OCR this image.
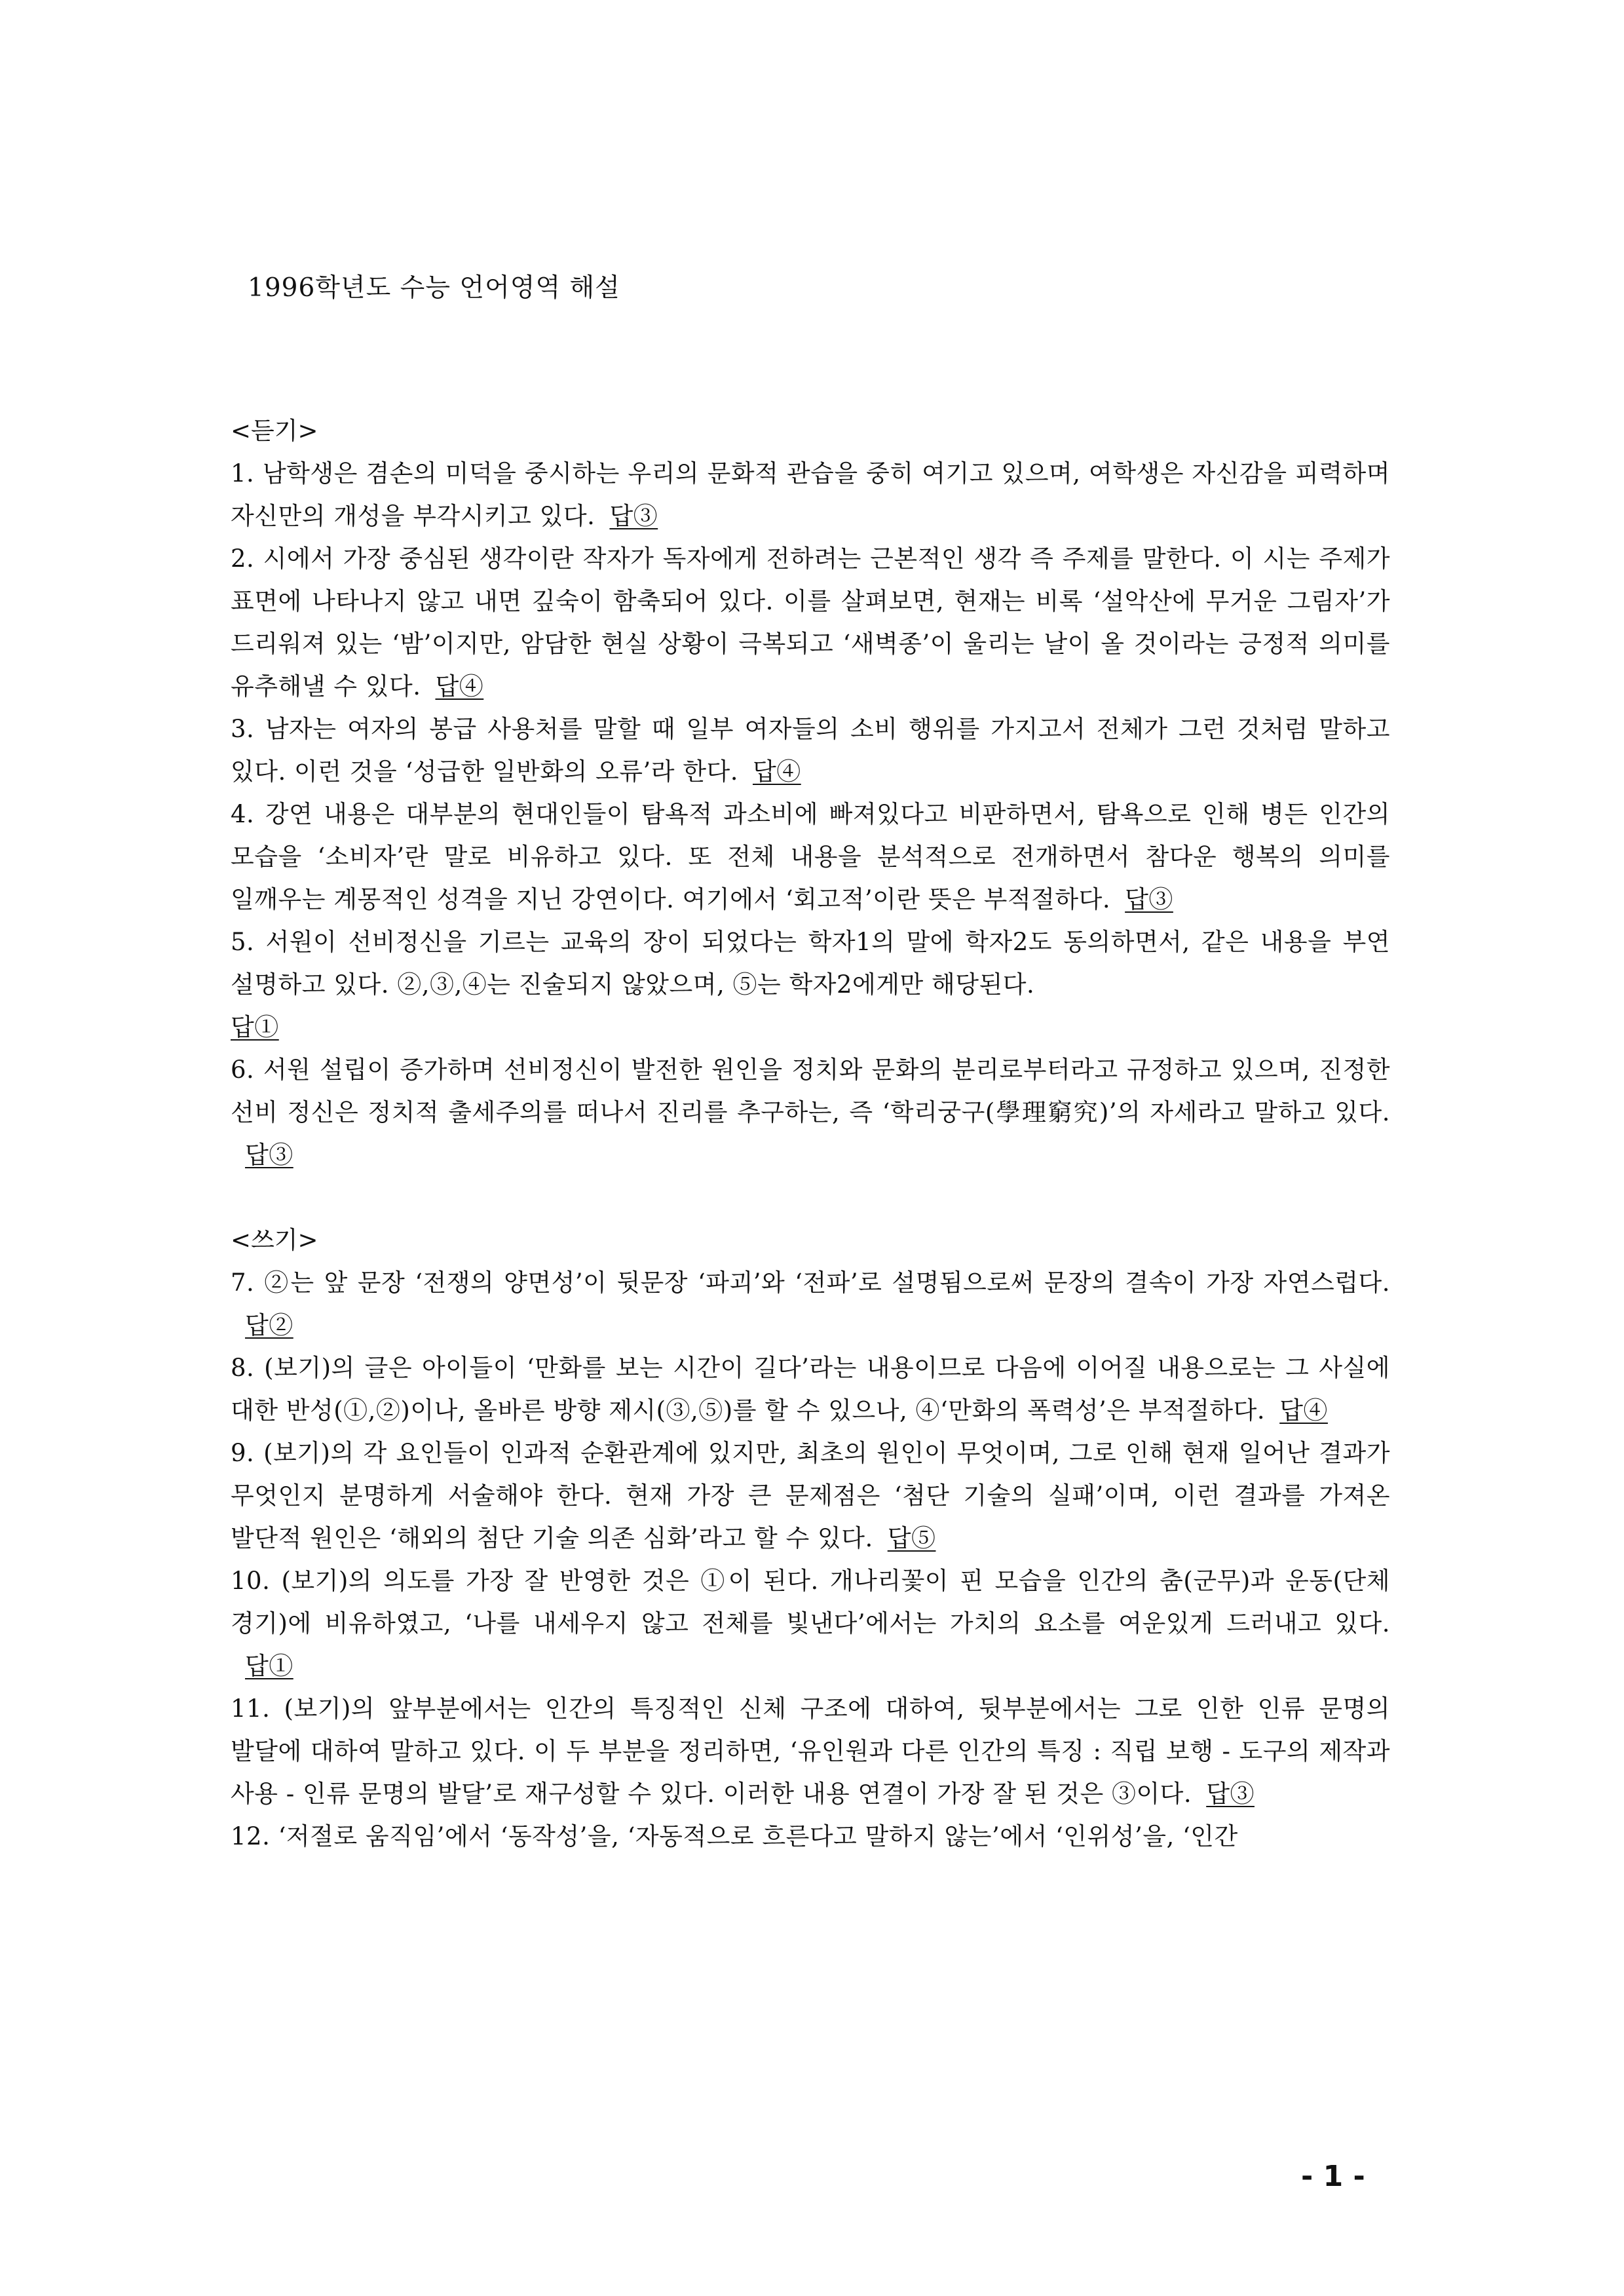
1996학년도 수능 언어영역 해설
<듣기>

1. 남학생은 겸손의 미덕을 중시하는 우리의 문화적 관습을 중히 여기고 있으며, 여학생은 자신감을 피력하며 자신만의 개성을 부각시키고 있다. 답③

2. 시에서 가장 중심된 생각이란 작자가 독자에게 전하려는 근본적인 생각 즉 주제를 말한다. 이 시는 주제가 표면에 나타나지 않고 내면 깊숙이 함축되어 있다. 이를 살펴보면, 현재는 비록 ‘설악산에 무거운 그림자’가 드리워져 있는 ‘밤’이지만, 암담한 현실 상황이 극복되고 ‘새벽종’이 울리는 날이 올 것이라는 긍정적 의미를 유추해낼 수 있다. 답④

3. 남자는 여자의 봉급 사용처를 말할 때 일부 여자들의 소비 행위를 가지고서 전체가 그런 것처럼 말하고 있다. 이런 것을 ‘성급한 일반화의 오류’라 한다. 답④

4. 강연 내용은 대부분의 현대인들이 탐욕적 과소비에 빠져있다고 비판하면서, 탐욕으로 인해 병든 인간의 모습을 ‘소비자’란 말로 비유하고 있다. 또 전체 내용을 분석적으로 전개하면서 참다운 행복의 의미를 일깨우는 계몽적인 성격을 지닌 강연이다. 여기에서 ‘회고적’이란 뜻은 부적절하다. 답③

5. 서원이 선비정신을 기르는 교육의 장이 되었다는 학자1의 말에 학자2도 동의하면서, 같은 내용을 부연 설명하고 있다. ②,③,④는 진술되지 않았으며, ⑤는 학자2에게만 해당된다.
답①

6. 서원 설립이 증가하며 선비정신이 발전한 원인을 정치와 문화의 분리로부터라고 규정하고 있으며, 진정한 선비 정신은 정치적 출세주의를 떠나서 진리를 추구하는, 즉 ‘학리궁구(學理窮究)’의 자세라고 말하고 있다.답③

<쓰기>

7. ②는 앞 문장 ‘전쟁의 양면성’이 뒷문장 ‘파괴’와 ‘전파’로 설명됨으로써 문장의 결속이 가장 자연스럽다.답②

8. (보기)의 글은 아이들이 ‘만화를 보는 시간이 길다’라는 내용이므로 다음에 이어질 내용으로는 그 사실에 대한 반성(①,②)이나, 올바른 방향 제시(③,⑤)를 할 수 있으나, ④‘만화의 폭력성’은 부적절하다. 답④

9. (보기)의 각 요인들이 인과적 순환관계에 있지만, 최초의 원인이 무엇이며, 그로 인해 현재 일어난 결과가 무엇인지 분명하게 서술해야 한다. 현재 가장 큰 문제점은 ‘첨단 기술의 실패’이며, 이런 결과를 가져온 발단적 원인은 ‘해외의 첨단 기술 의존 심화’라고 할 수 있다. 답⑤

10. (보기)의 의도를 가장 잘 반영한 것은 ①이 된다. 개나리꽃이 핀 모습을 인간의 춤(군무)과 운동(단체 경기)에 비유하였고, ‘나를 내세우지 않고 전체를 빛낸다’에서는 가치의 요소를 여운있게 드러내고 있다.답①

11. (보기)의 앞부분에서는 인간의 특징적인 신체 구조에 대하여, 뒷부분에서는 그로 인한 인류 문명의 발달에 대하여 말하고 있다. 이 두 부분을 정리하면, ‘유인원과 다른 인간의 특징 : 직립 보행 - 도구의 제작과 사용 - 인류 문명의 발달’로 재구성할 수 있다. 이러한 내용 연결이 가장 잘 된 것은 ③이다. 답③

12. ‘저절로 움직임’에서 ‘동작성’을, ‘자동적으로 흐른다고 말하지 않는’에서 ‘인위성’을, ‘인간

- 1 -
